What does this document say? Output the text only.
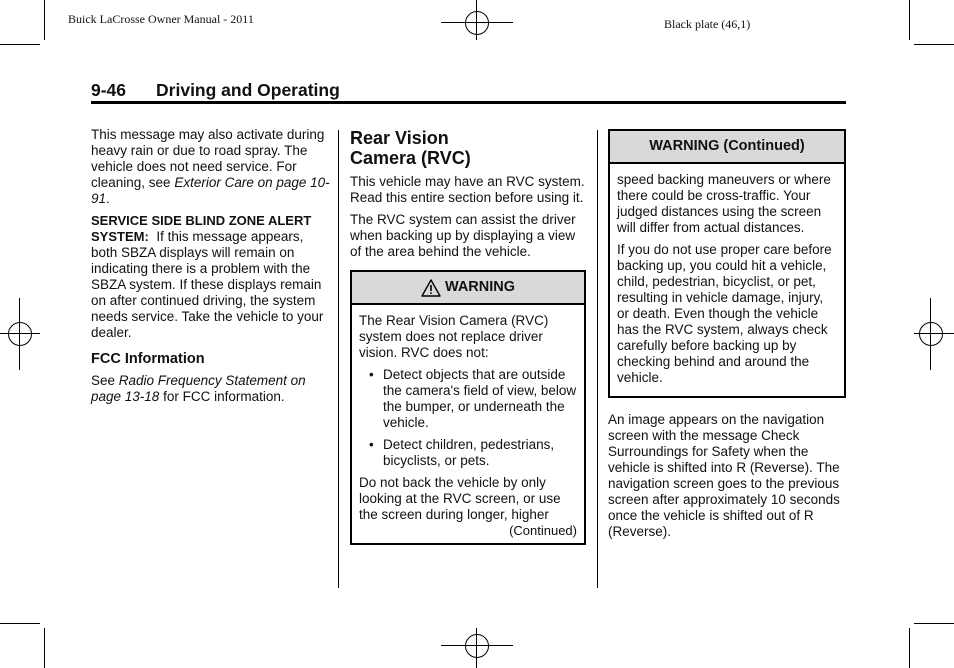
Buick LaCrosse Owner Manual - 2011	Black plate (46,1)
9-46 Driving and Operating

This message may also activate during heavy rain or due to road spray. The vehicle does not need service. For cleaning, see Exterior Care on page 10-91.

SERVICE SIDE BLIND ZONE ALERT SYSTEM: If this message appears, both SBZA displays will remain on indicating there is a problem with the SBZA system. If these displays remain on after continued driving, the system needs service. Take the vehicle to your dealer.

FCC Information

See Radio Frequency Statement on page 13-18 for FCC information.

Rear Vision
Camera (RVC)

This vehicle may have an RVC system. Read this entire section before using it.

The RVC system can assist the driver when backing up by displaying a view of the area behind the vehicle.

WARNING

The Rear Vision Camera (RVC) system does not replace driver vision. RVC does not:

• Detect objects that are outside the camera's field of view, below the bumper, or underneath the vehicle.
• Detect children, pedestrians, bicyclists, or pets.

Do not back the vehicle by only looking at the RVC screen, or use the screen during longer, higher

(Continued)
WARNING (Continued)

speed backing maneuvers or where there could be cross-traffic. Your judged distances using the screen will differ from actual distances.

If you do not use proper care before backing up, you could hit a vehicle, child, pedestrian, bicyclist, or pet, resulting in vehicle damage, injury, or death. Even though the vehicle has the RVC system, always check carefully before backing up by checking behind and around the vehicle.

An image appears on the navigation screen with the message Check Surroundings for Safety when the vehicle is shifted into R (Reverse). The navigation screen goes to the previous screen after approximately 10 seconds once the vehicle is shifted out of R (Reverse).
